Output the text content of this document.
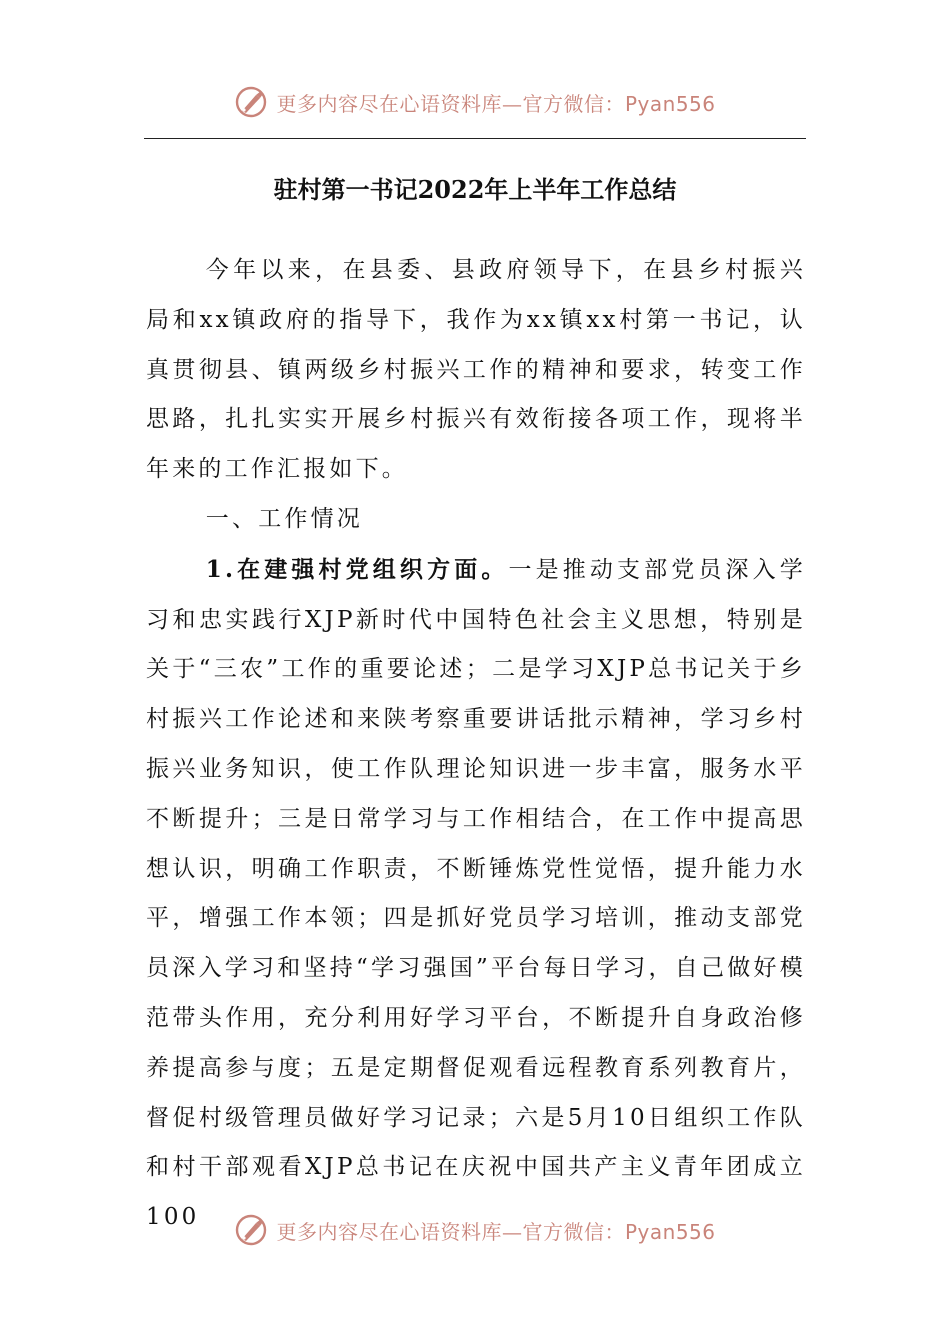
更多内容尽在心语资料库—官方微信：Pyan556
驻村第一书记2022年上半年工作总结

今年以来，在县委、县政府领导下，在县乡村振兴局和xx镇政府的指导下，我作为xx镇xx村第一书记，认真贯彻县、镇两级乡村振兴工作的精神和要求，转变工作思路，扎扎实实开展乡村振兴有效衔接各项工作，现将半年来的工作汇报如下。

一、工作情况

1.在建强村党组织方面。一是推动支部党员深入学习和忠实践行XJP新时代中国特色社会主义思想，特别是关于“三农”工作的重要论述；二是学习XJP总书记关于乡村振兴工作论述和来陕考察重要讲话批示精神，学习乡村振兴业务知识，使工作队理论知识进一步丰富，服务水平不断提升；三是日常学习与工作相结合，在工作中提高思想认识，明确工作职责，不断锤炼党性觉悟，提升能力水平，增强工作本领；四是抓好党员学习培训，推动支部党员深入学习和坚持“学习强国”平台每日学习，自己做好模范带头作用，充分利用好学习平台，不断提升自身政治修养提高参与度；五是定期督促观看远程教育系列教育片，督促村级管理员做好学习记录；六是5月10日组织工作队和村干部观看XJP总书记在庆祝中国共产主义青年团成立100

更多内容尽在心语资料库—官方微信：Pyan556
